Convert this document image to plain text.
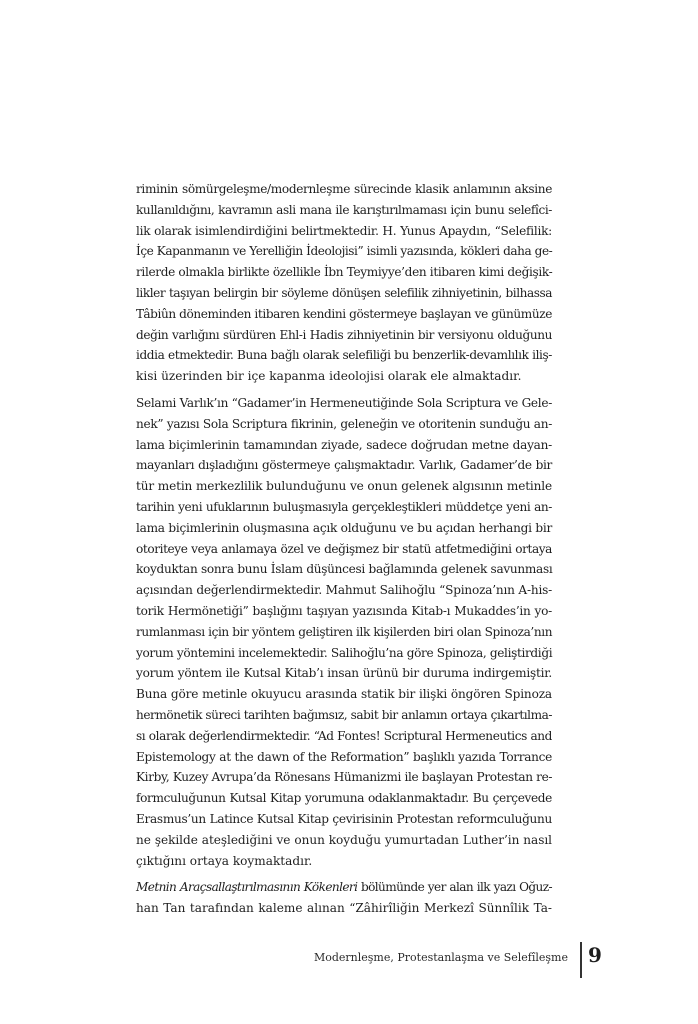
riminin sömürgeleşme/modernleşme sürecinde klasik anlamının aksine
kullanıldığını, kavramın asli mana ile karıştırılmaması için bunu selefîci-
lik olarak isimlendirdiğini belirtmektedir. H. Yunus Apaydın, “Selefilik:
İçe Kapanmanın ve Yerelliğin İdeolojisi” isimli yazısında, kökleri daha ge-
rilerde olmakla birlikte özellikle İbn Teymiyye’den itibaren kimi değişik-
likler taşıyan belirgin bir söyleme dönüşen selefilik zihniyetinin, bilhassa
Tâbiûn döneminden itibaren kendini göstermeye başlayan ve günümüze
değin varlığını sürdüren Ehl-i Hadis zihniyetinin bir versiyonu olduğunu
iddia etmektedir. Buna bağlı olarak selefiliği bu benzerlik-devamlılık iliş-
kisi üzerinden bir içe kapanma ideolojisi olarak ele almaktadır.

Selami Varlık’ın “Gadamer’in Hermeneutiğinde Sola Scriptura ve Gele-
nek” yazısı Sola Scriptura fikrinin, geleneğin ve otoritenin sunduğu an-
lama biçimlerinin tamamından ziyade, sadece doğrudan metne dayan-
mayanları dışladığını göstermeye çalışmaktadır. Varlık, Gadamer’de bir
tür metin merkezlilik bulunduğunu ve onun gelenek algısının metinle
tarihin yeni ufuklarının buluşmasıyla gerçekleştikleri müddetçe yeni an-
lama biçimlerinin oluşmasına açık olduğunu ve bu açıdan herhangi bir
otoriteye veya anlamaya özel ve değişmez bir statü atfetmediğini ortaya
koyduktan sonra bunu İslam düşüncesi bağlamında gelenek savunması
açısından değerlendirmektedir. Mahmut Salihoğlu “Spinoza’nın A-his-
torik Hermönetiği” başlığını taşıyan yazısında Kitab-ı Mukaddes’in yo-
rumlanması için bir yöntem geliştiren ilk kişilerden biri olan Spinoza’nın
yorum yöntemini incelemektedir. Salihoğlu’na göre Spinoza, geliştirdiği
yorum yöntem ile Kutsal Kitab’ı insan ürünü bir duruma indirgemiştir.
Buna göre metinle okuyucu arasında statik bir ilişki öngören Spinoza
hermönetik süreci tarihten bağımsız, sabit bir anlamın ortaya çıkartılma-
sı olarak değerlendirmektedir. “Ad Fontes! Scriptural Hermeneutics and
Epistemology at the dawn of the Reformation” başlıklı yazıda Torrance
Kirby, Kuzey Avrupa’da Rönesans Hümanizmi ile başlayan Protestan re-
formculuğunun Kutsal Kitap yorumuna odaklanmaktadır. Bu çerçevede
Erasmus’un Latince Kutsal Kitap çevirisinin Protestan reformculuğunu
ne şekilde ateşlediğini ve onun koyduğu yumurtadan Luther’in nasıl
çıktığını ortaya koymaktadır.

Metnin Araçsallaştırılmasının Kökenleri bölümünde yer alan ilk yazı Oğuz-
han Tan tarafından kaleme alınan “Zâhirîliğin Merkezî Sünnîlik Ta-

Modernleşme, Protestanlaşma ve Selefîleşme 9
